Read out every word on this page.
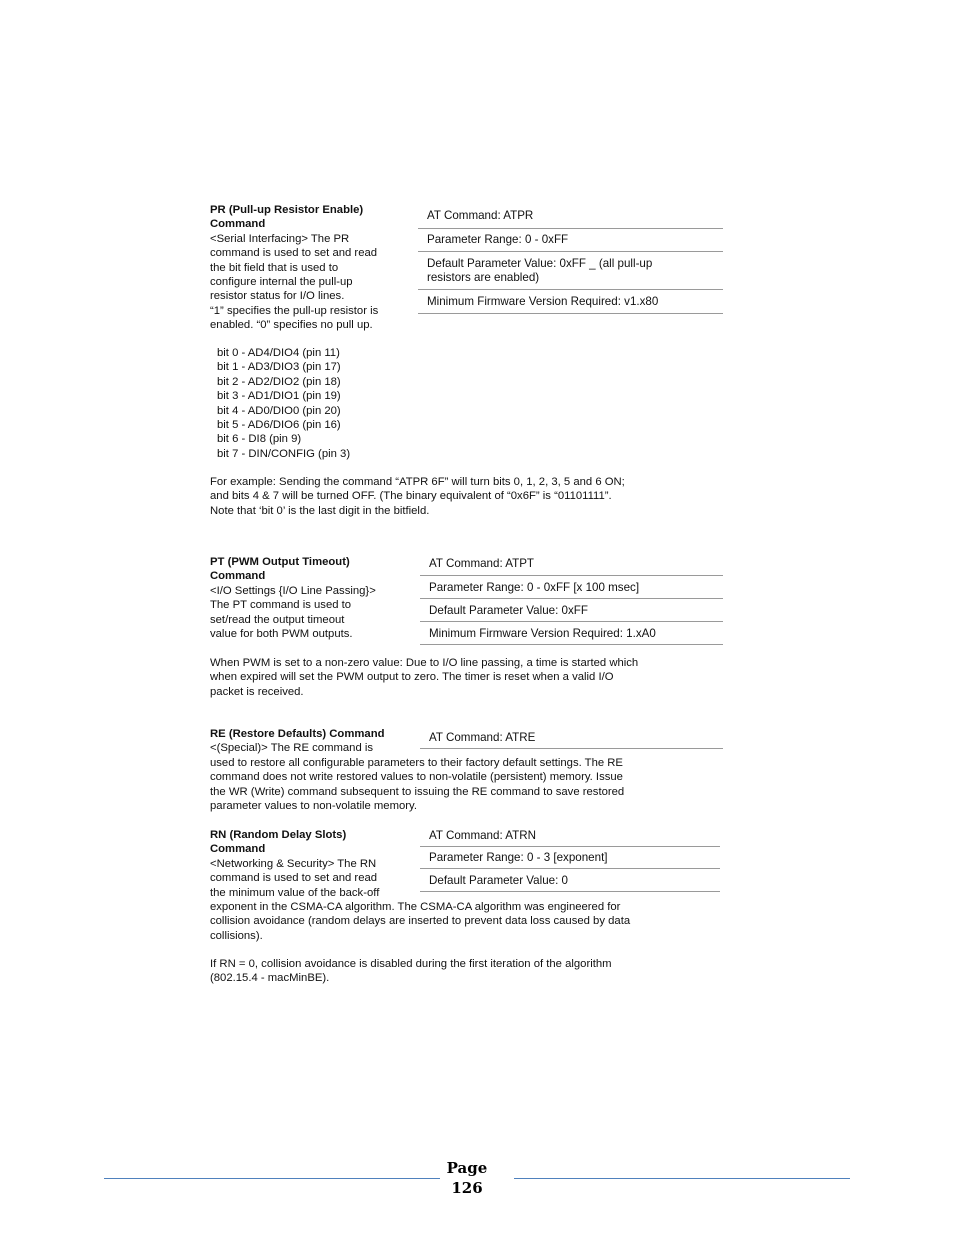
PR (Pull-up Resistor Enable)
Command
<Serial Interfacing> The PR
command is used to set and read
the bit field that is used to
configure internal the pull-up
resistor status for I/O lines.
“1” specifies the pull-up resistor is
enabled. “0” specifies no pull up.
AT Command: ATPR
Parameter Range: 0 - 0xFF
Default Parameter Value: 0xFF _ (all pull-up
resistors are enabled)
Minimum Firmware Version Required: v1.x80
bit 0 - AD4/DIO4 (pin 11)
bit 1 - AD3/DIO3 (pin 17)
bit 2 - AD2/DIO2 (pin 18)
bit 3 - AD1/DIO1 (pin 19)
bit 4 - AD0/DIO0 (pin 20)
bit 5 - AD6/DIO6 (pin 16)
bit 6 - DI8 (pin 9)
bit 7 - DIN/CONFIG (pin 3)
For example: Sending the command “ATPR 6F” will turn bits 0, 1, 2, 3, 5 and 6 ON;
and bits 4 & 7 will be turned OFF. (The binary equivalent of “0x6F” is “01101111”.
Note that ‘bit 0’ is the last digit in the bitfield.
PT (PWM Output Timeout)
Command
<I/O Settings {I/O Line Passing}>
The PT command is used to
set/read the output timeout
value for both PWM outputs.
AT Command: ATPT
Parameter Range: 0 - 0xFF [x 100 msec]
Default Parameter Value: 0xFF
Minimum Firmware Version Required: 1.xA0
When PWM is set to a non-zero value: Due to I/O line passing, a time is started which
when expired will set the PWM output to zero. The timer is reset when a valid I/O
packet is received.
RE (Restore Defaults) Command
<(Special)> The RE command is
used to restore all configurable parameters to their factory default settings. The RE
command does not write restored values to non-volatile (persistent) memory. Issue
the WR (Write) command subsequent to issuing the RE command to save restored
parameter values to non-volatile memory.
AT Command: ATRE
RN (Random Delay Slots)
Command
<Networking & Security> The RN
command is used to set and read
the minimum value of the back-off
exponent in the CSMA-CA algorithm. The CSMA-CA algorithm was engineered for
collision avoidance (random delays are inserted to prevent data loss caused by data
collisions).
AT Command: ATRN
Parameter Range: 0 - 3 [exponent]
Default Parameter Value: 0
If RN = 0, collision avoidance is disabled during the first iteration of the algorithm
(802.15.4 - macMinBE).
Page
126
